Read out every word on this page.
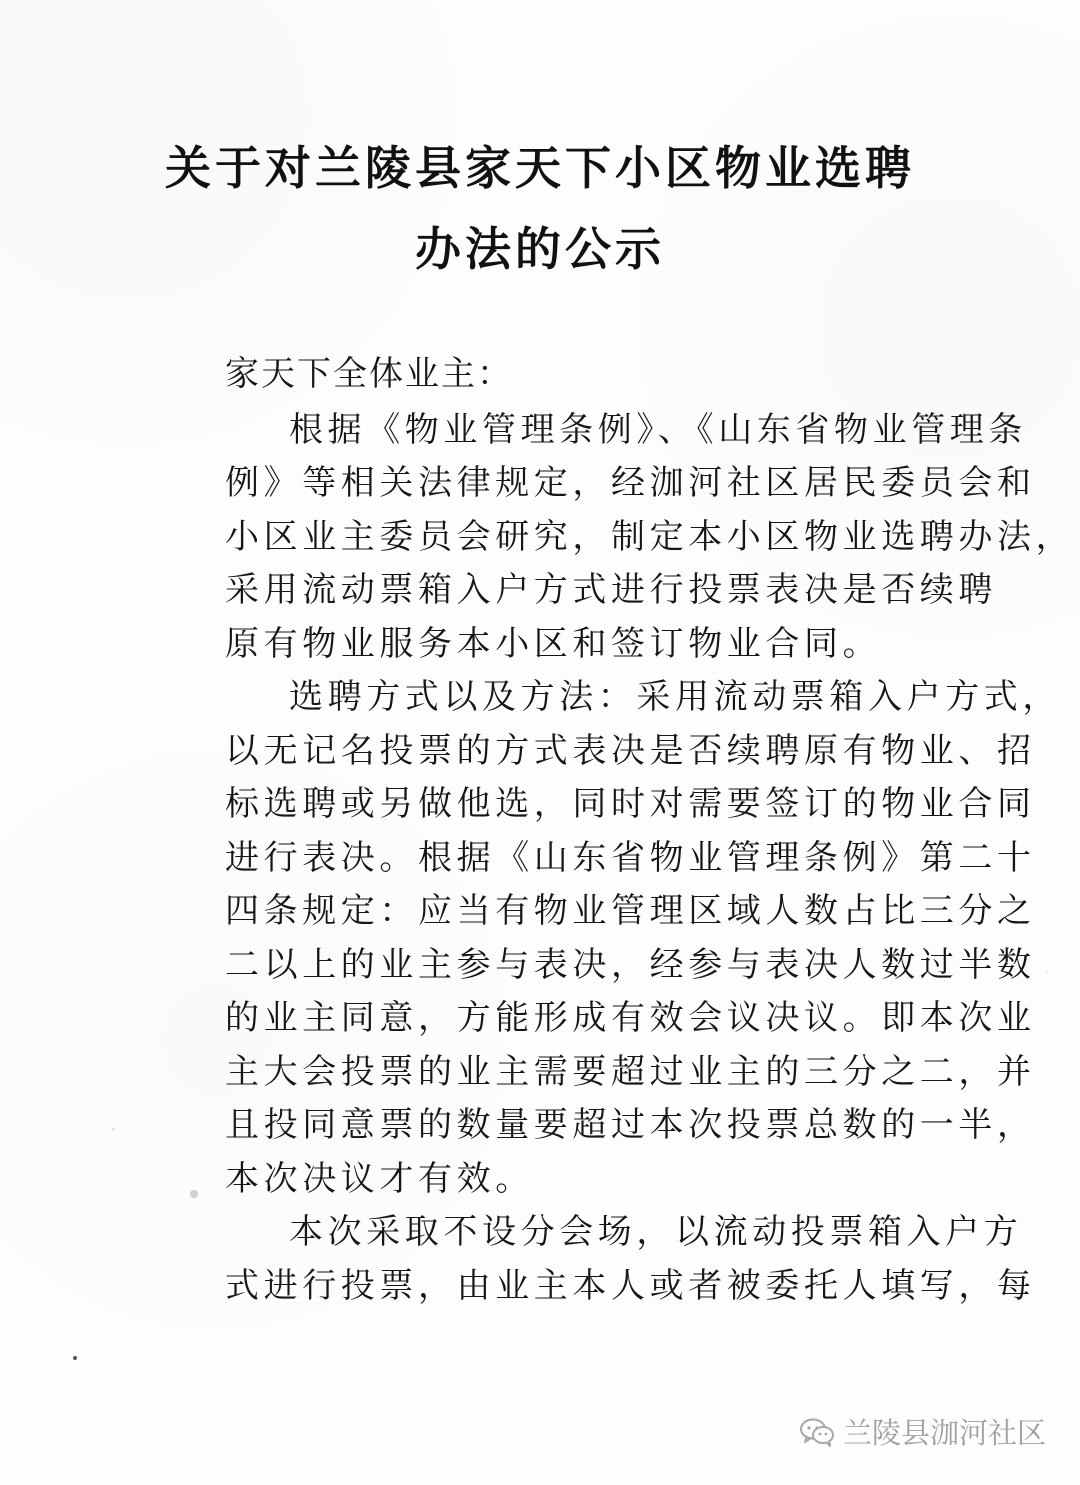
关于对兰陵县家天下小区物业选聘
办法的公示
家天下全体业主：
根据《物业管理条例》、《山东省物业管理条
例》等相关法律规定，经泇河社区居民委员会和
小区业主委员会研究，制定本小区物业选聘办法，
采用流动票箱入户方式进行投票表决是否续聘
原有物业服务本小区和签订物业合同。
选聘方式以及方法：采用流动票箱入户方式，
以无记名投票的方式表决是否续聘原有物业、招
标选聘或另做他选，同时对需要签订的物业合同
进行表决。根据《山东省物业管理条例》第二十
四条规定：应当有物业管理区域人数占比三分之
二以上的业主参与表决，经参与表决人数过半数
的业主同意，方能形成有效会议决议。即本次业
主大会投票的业主需要超过业主的三分之二，并
且投同意票的数量要超过本次投票总数的一半，
本次决议才有效。
本次采取不设分会场，以流动投票箱入户方
式进行投票，由业主本人或者被委托人填写，每
兰陵县泇河社区
